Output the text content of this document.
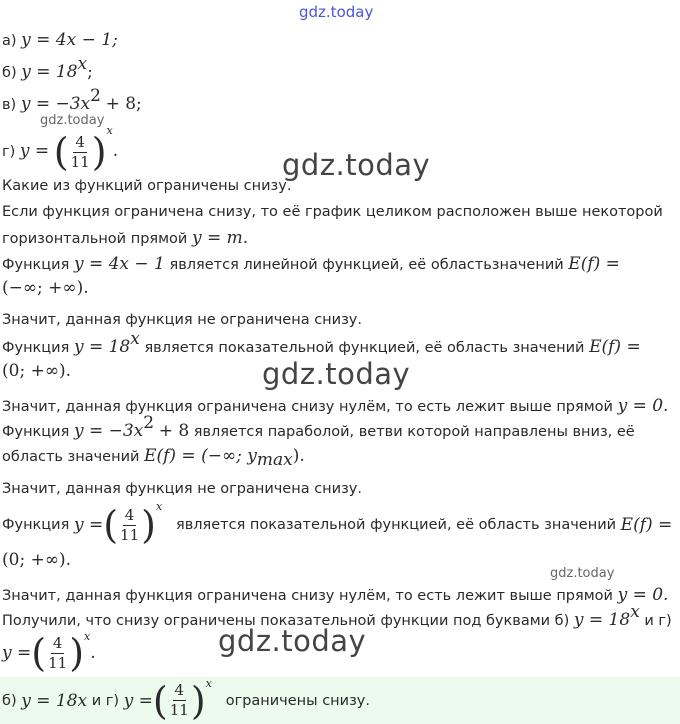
gdz.today
gdz.today
gdz.today
gdz.today
gdz.today
gdz.today
а) y = 4x − 1;
б) $y = 18^x$;
в) $y = -3x^2 + 8$;
г) y = ( $\frac{4}{11} )^x$.
Какие из функций ограничены снизу.
Если функция ограничена снизу, то её график целиком расположен выше некоторой
горизонтальной прямой y = m.
Функция y = 4x − 1 является линейной функцией, её областьзначений E(f) =
(−∞; +∞).
Значит, данная функция не ограничена снизу.
Функция $y = 18^x$ является показательной функцией, её область значений E(f) =
(0; +∞).
Значит, данная функция ограничена снизу нулём, то есть лежит выше прямой y = 0.
Функция $y = -3x^2 + 8$ является параболой, ветви которой направлены вниз, её
область значений E(f) = (−∞; $y_{max}$).
Значит, данная функция не ограничена снизу.
Функция
y = ( $\frac{4}{11}$ ) x

является показательной функцией, её область значений
E(f) =
(0; +∞).
Значит, данная функция ограничена снизу нулём, то есть лежит выше прямой y = 0.
Получили, что снизу ограничены показательной функции под буквами б) $y = 18^x$ и г)
y = ( $\frac{4}{11}$ ) x
.
б)
y = 18 x
и г)
y = ( $\frac{4}{11}$ ) x

ограничены снизу.
